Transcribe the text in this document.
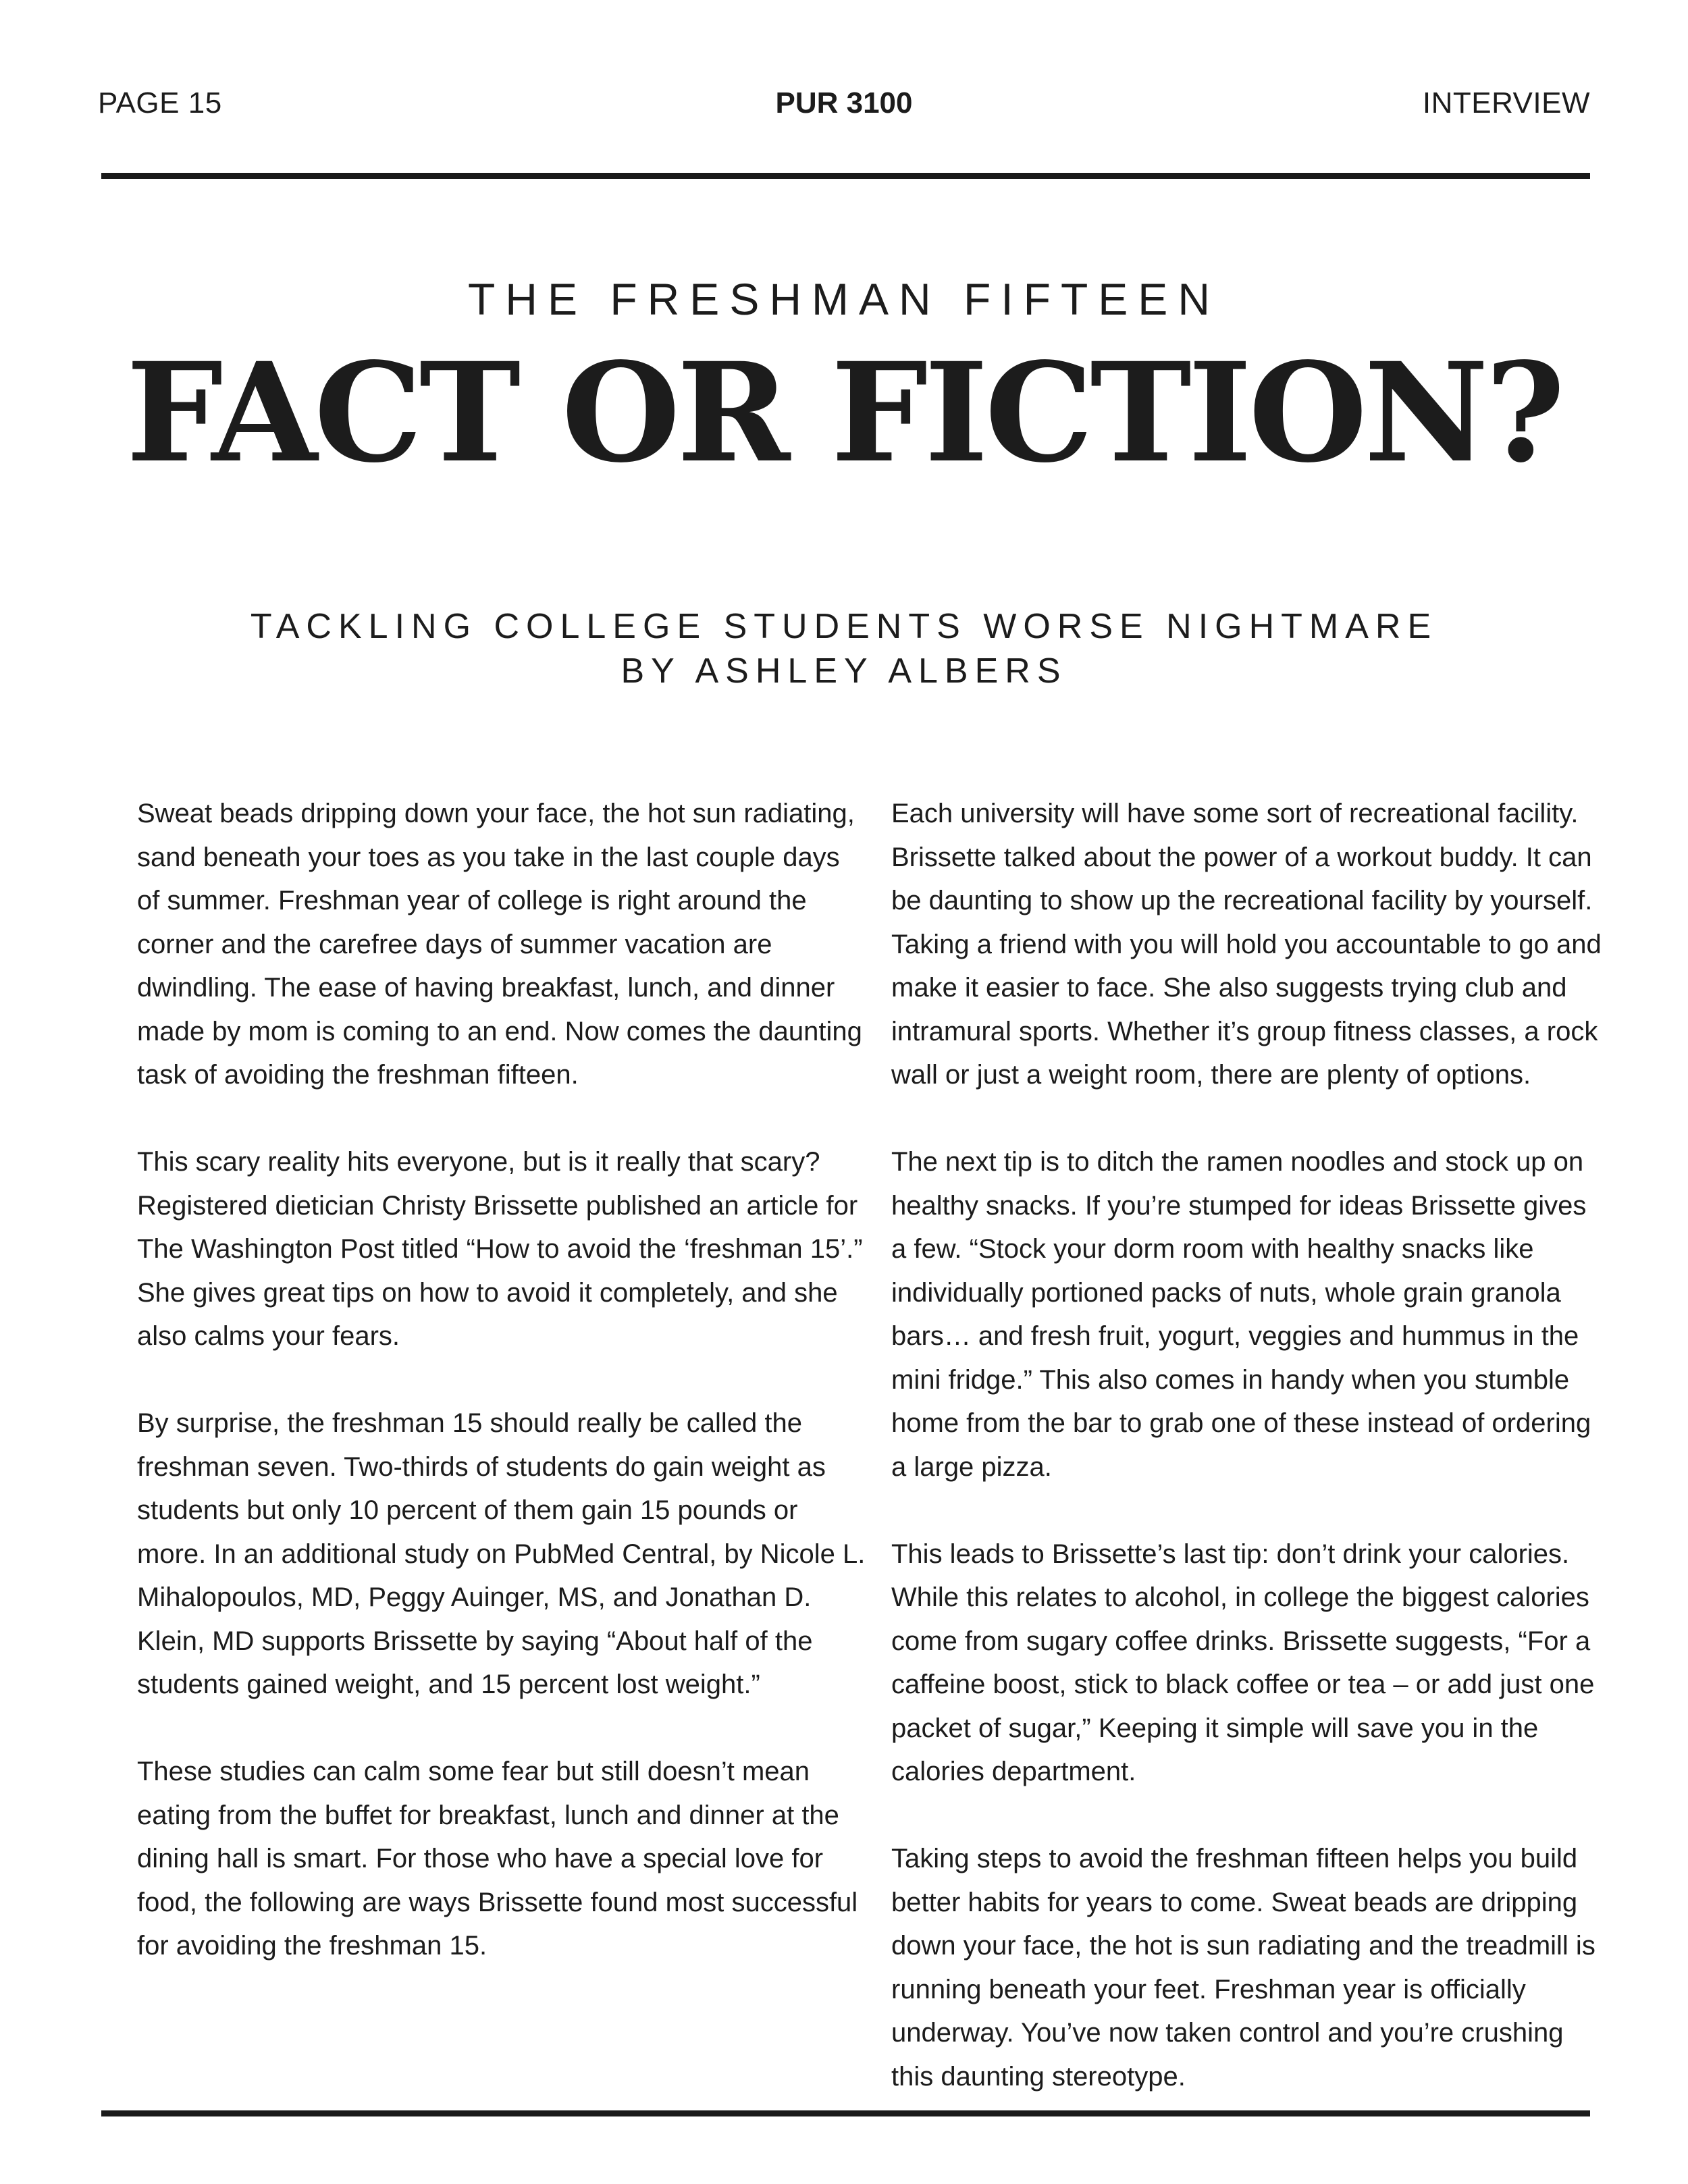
PAGE 15	PUR 3100	INTERVIEW
THE FRESHMAN FIFTEEN
FACT OR FICTION?
TACKLING COLLEGE STUDENTS WORSE NIGHTMARE
BY ASHLEY ALBERS

Sweat beads dripping down your face, the hot sun radiating, sand beneath your toes as you take in the last couple days of summer. Freshman year of college is right around the corner and the carefree days of summer vacation are dwindling. The ease of having breakfast, lunch, and dinner made by mom is coming to an end. Now comes the daunting task of avoiding the freshman fifteen.

This scary reality hits everyone, but is it really that scary? Registered dietician Christy Brissette published an article for The Washington Post titled “How to avoid the ‘freshman 15’.” She gives great tips on how to avoid it completely, and she also calms your fears.

By surprise, the freshman 15 should really be called the freshman seven. Two-thirds of students do gain weight as students but only 10 percent of them gain 15 pounds or more. In an additional study on PubMed Central, by Nicole L. Mihalopoulos, MD, Peggy Auinger, MS, and Jonathan D. Klein, MD supports Brissette by saying “About half of the students gained weight, and 15 percent lost weight.”

These studies can calm some fear but still doesn’t mean eating from the buffet for breakfast, lunch and dinner at the dining hall is smart. For those who have a special love for food, the following are ways Brissette found most successful for avoiding the freshman 15.

Each university will have some sort of recreational facility. Brissette talked about the power of a workout buddy. It can be daunting to show up the recreational facility by yourself. Taking a friend with you will hold you accountable to go and make it easier to face. She also suggests trying club and intramural sports. Whether it’s group fitness classes, a rock wall or just a weight room, there are plenty of options.

The next tip is to ditch the ramen noodles and stock up on healthy snacks. If you’re stumped for ideas Brissette gives a few. “Stock your dorm room with healthy snacks like individually portioned packs of nuts, whole grain granola bars… and fresh fruit, yogurt, veggies and hummus in the mini fridge.” This also comes in handy when you stumble home from the bar to grab one of these instead of ordering a large pizza.

This leads to Brissette’s last tip: don’t drink your calories. While this relates to alcohol, in college the biggest calories come from sugary coffee drinks. Brissette suggests, “For a caffeine boost, stick to black coffee or tea – or add just one packet of sugar,” Keeping it simple will save you in the calories department.

Taking steps to avoid the freshman fifteen helps you build better habits for years to come. Sweat beads are dripping down your face, the hot is sun radiating and the treadmill is running beneath your feet. Freshman year is officially underway. You’ve now taken control and you’re crushing this daunting stereotype.
